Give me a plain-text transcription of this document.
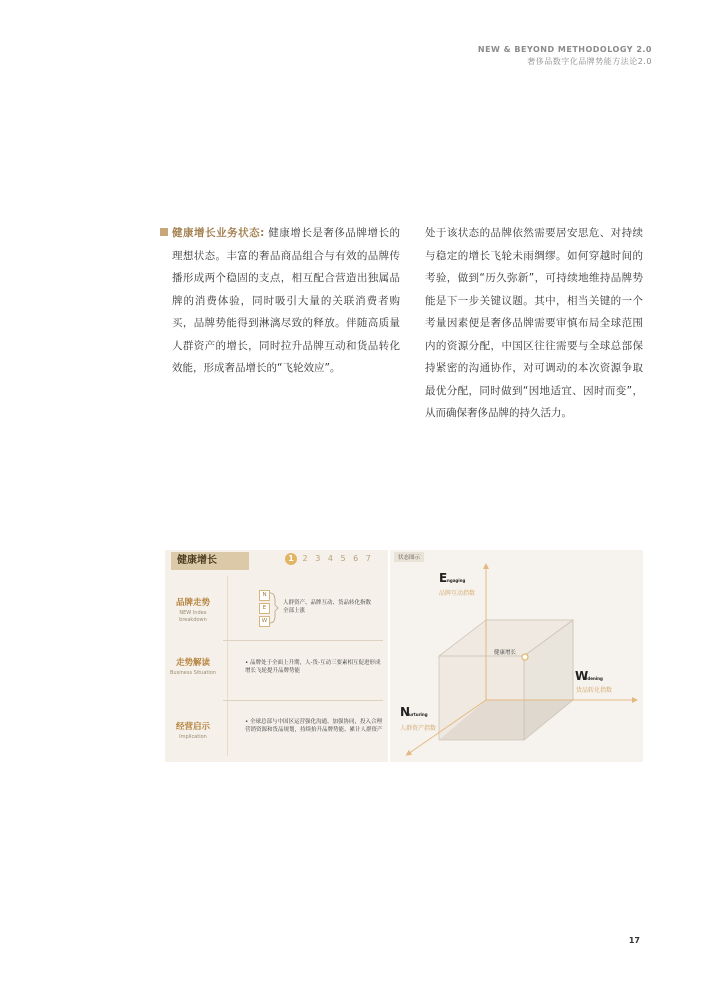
NEW & BEYOND METHODOLOGY 2.0
奢侈品数字化品牌势能方法论2.0
健康增长业务状态: 健康增长是奢侈品牌增长的理想状态。丰富的奢品商品组合与有效的品牌传播形成两个稳固的支点，相互配合营造出独属品牌的消费体验，同时吸引大量的关联消费者购买，品牌势能得到淋漓尽致的释放。伴随高质量人群资产的增长，同时拉升品牌互动和货品转化效能，形成奢品增长的“飞轮效应”。
处于该状态的品牌依然需要居安思危、对持续与稳定的增长飞轮未雨绸缪。如何穿越时间的考验，做到“历久弥新”，可持续地维持品牌势能是下一步关键议题。其中，相当关键的一个考量因素便是奢侈品牌需要审慎布局全球范围内的资源分配，中国区往往需要与全球总部保持紧密的沟通协作，对可调动的本次资源争取最优分配，同时做到“因地适宜、因时而变”，从而确保奢侈品牌的持久活力。
健康增长	1 2 3 4 5 6 7
品牌走势
NEW Index breakdown
N
E
W
人群资产、品牌互动、货品转化指数全部上涨
走势解读
Business Situation
• 品牌处于全面上升期，人-货-互动三要素相互促进形成增长飞轮提升品牌势能
经营启示
Implication
• 全球总部与中国区运营强化沟通、加强协同，投入合理营销资源和货品规划，持续抬升品牌势能、累计人群资产
状态图示
健康增长
E ngaging
品牌互动指数
W
idening
货品转化指数
N
urturing
人群资产指数
17
